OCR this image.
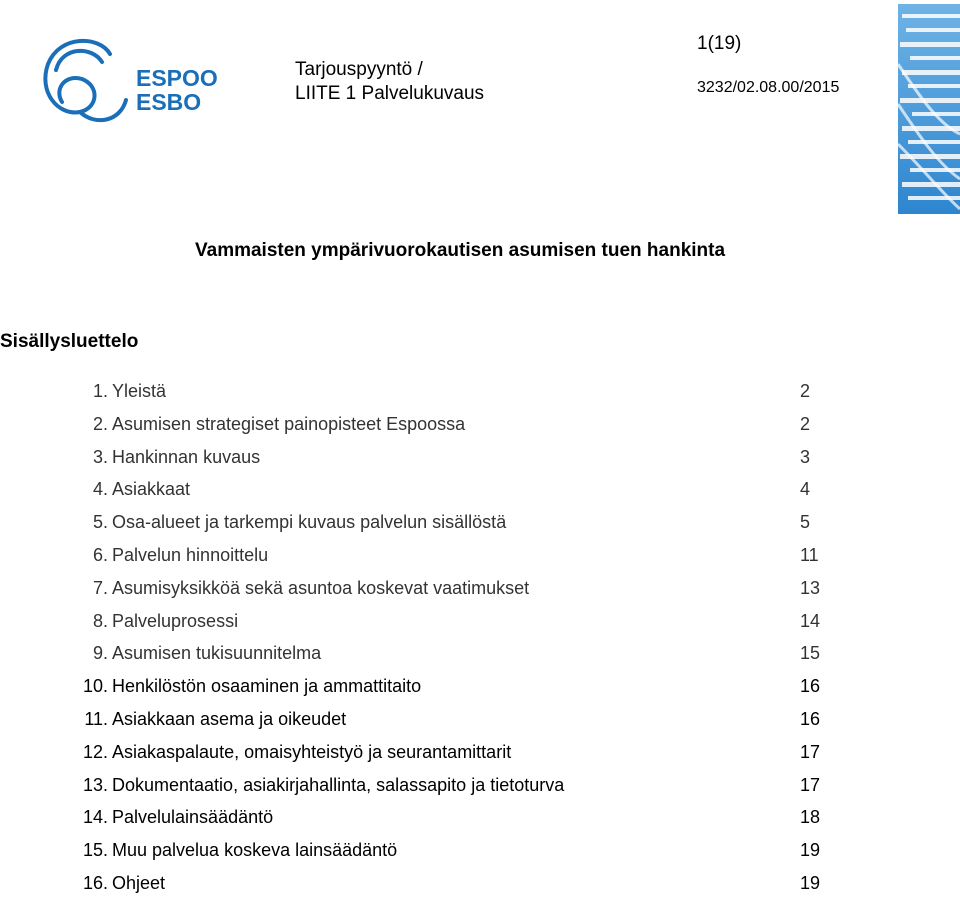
ESPOO
ESBO
Tarjouspyyntö /
LIITE 1 Palvelukuvaus
1(19)
3232/02.08.00/2015
Vammaisten ympärivuorokautisen asumisen tuen hankinta
Sisällysluettelo
1. Yleistä	2
2. Asumisen strategiset painopisteet Espoossa	2
3. Hankinnan kuvaus	3
4. Asiakkaat	4
5. Osa-alueet ja tarkempi kuvaus palvelun sisällöstä	5
6. Palvelun hinnoittelu	11
7. Asumisyksikköä sekä asuntoa koskevat vaatimukset	13
8. Palveluprosessi	14
9. Asumisen tukisuunnitelma	15
10. Henkilöstön osaaminen ja ammattitaito	16
11. Asiakkaan asema ja oikeudet	16
12. Asiakaspalaute, omaisyhteistyö ja seurantamittarit	17
13. Dokumentaatio, asiakirjahallinta, salassapito ja tietoturva	17
14. Palvelulainsäädäntö	18
15. Muu palvelua koskeva lainsäädäntö	19
16. Ohjeet	19
